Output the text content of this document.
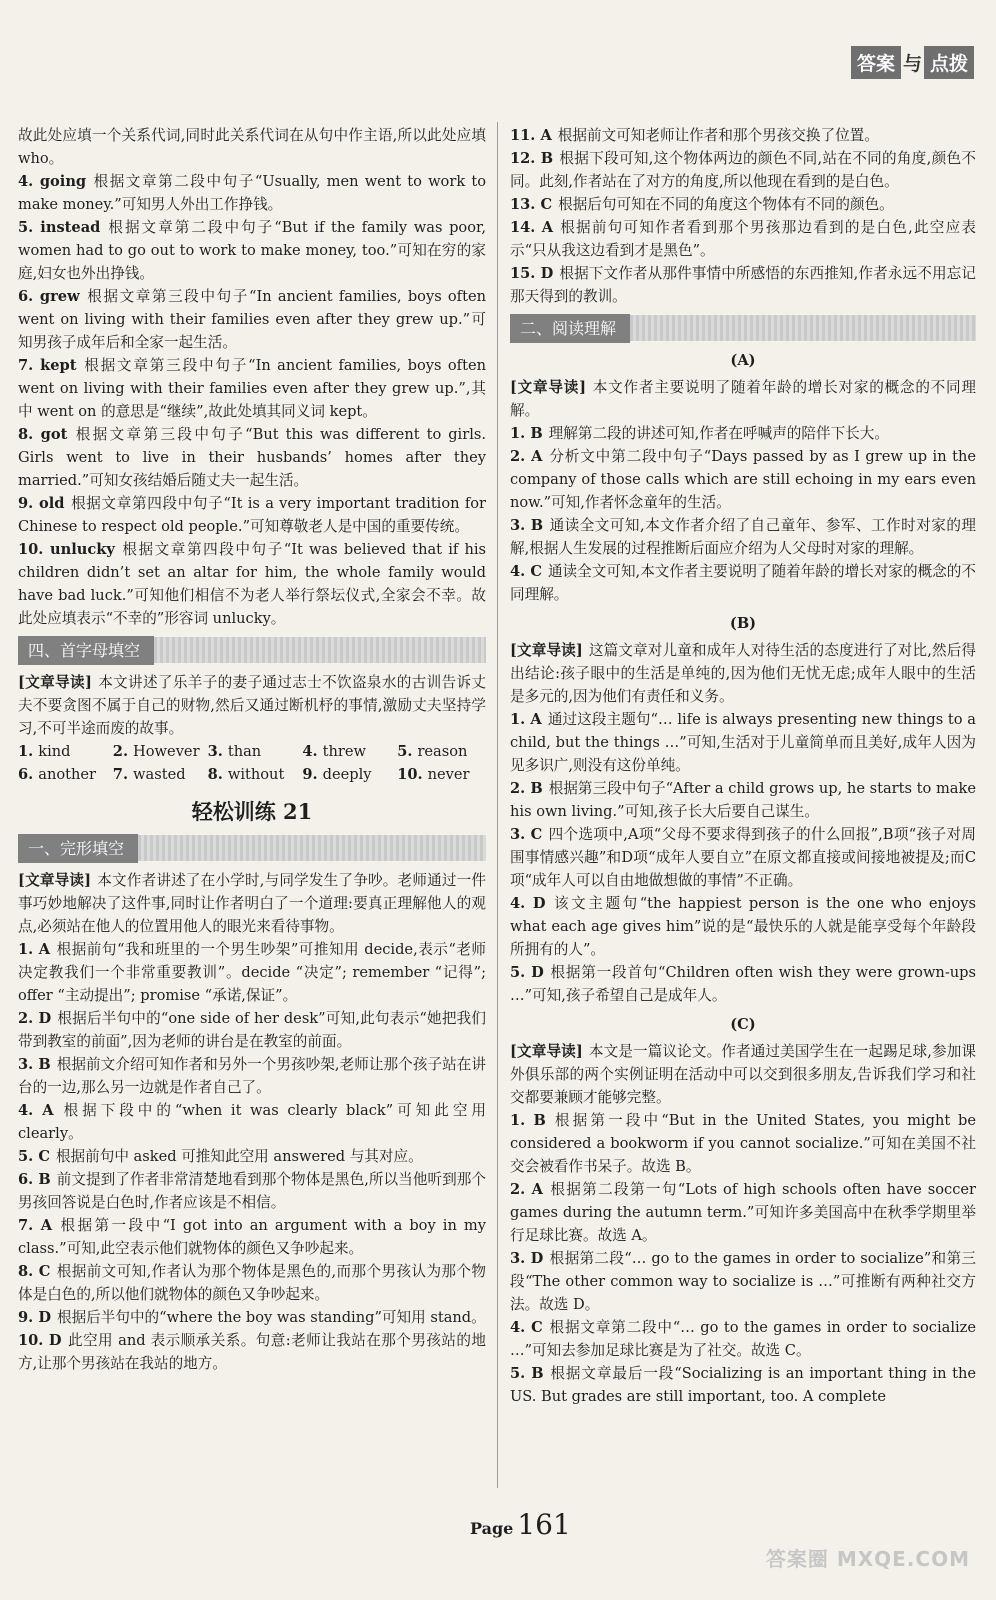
答案 与 点拨

故此处应填一个关系代词,同时此关系代词在从句中作主语,所以此处应填 who。

4. going 根据文章第二段中句子“Usually, men went to work to make money.”可知男人外出工作挣钱。

5. instead 根据文章第二段中句子“But if the family was poor, women had to go out to work to make money, too.”可知在穷的家庭,妇女也外出挣钱。

6. grew 根据文章第三段中句子“In ancient families, boys often went on living with their families even after they grew up.”可知男孩子成年后和全家一起生活。

7. kept 根据文章第三段中句子“In ancient families, boys often went on living with their families even after they grew up.”,其中 went on 的意思是“继续”,故此处填其同义词 kept。

8. got 根据文章第三段中句子“But this was different to girls. Girls went to live in their husbands’ homes after they married.”可知女孩结婚后随丈夫一起生活。

9. old 根据文章第四段中句子“It is a very important tradition for Chinese to respect old people.”可知尊敬老人是中国的重要传统。

10. unlucky 根据文章第四段中句子“It was believed that if his children didn’t set an altar for him, the whole family would have bad luck.”可知他们相信不为老人举行祭坛仪式,全家会不幸。故此处应填表示“不幸的”形容词 unlucky。

四、首字母填空

[文章导读] 本文讲述了乐羊子的妻子通过志士不饮盗泉水的古训告诉丈夫不要贪图不属于自己的财物,然后又通过断机杼的事情,激励丈夫坚持学习,不可半途而废的故事。

1. kind	2. However 3. than	4. threw	5. reason
6. another	7. wasted	8. without	9. deeply	10. never
轻松训练 21
一、完形填空

[文章导读] 本文作者讲述了在小学时,与同学发生了争吵。老师通过一件事巧妙地解决了这件事,同时让作者明白了一个道理:要真正理解他人的观点,必须站在他人的位置用他人的眼光来看待事物。

1. A 根据前句“我和班里的一个男生吵架”可推知用 decide,表示“老师决定教我们一个非常重要教训”。decide “决定”; remember “记得”; offer “主动提出”; promise “承诺,保证”。

2. D 根据后半句中的“one side of her desk”可知,此句表示“她把我们带到教室的前面”,因为老师的讲台是在教室的前面。

3. B 根据前文介绍可知作者和另外一个男孩吵架,老师让那个孩子站在讲台的一边,那么另一边就是作者自己了。

4. A 根据下段中的“when it was clearly black”可知此空用 clearly。

5. C 根据前句中 asked 可推知此空用 answered 与其对应。

6. B 前文提到了作者非常清楚地看到那个物体是黑色,所以当他听到那个男孩回答说是白色时,作者应该是不相信。

7. A 根据第一段中“I got into an argument with a boy in my class.”可知,此空表示他们就物体的颜色又争吵起来。

8. C 根据前文可知,作者认为那个物体是黑色的,而那个男孩认为那个物体是白色的,所以他们就物体的颜色又争吵起来。

9. D 根据后半句中的“where the boy was standing”可知用 stand。

10. D 此空用 and 表示顺承关系。句意:老师让我站在那个男孩站的地方,让那个男孩站在我站的地方。

11. A 根据前文可知老师让作者和那个男孩交换了位置。

12. B 根据下段可知,这个物体两边的颜色不同,站在不同的角度,颜色不同。此刻,作者站在了对方的角度,所以他现在看到的是白色。

13. C 根据后句可知在不同的角度这个物体有不同的颜色。

14. A 根据前句可知作者看到那个男孩那边看到的是白色,此空应表示“只从我这边看到才是黑色”。

15. D 根据下文作者从那件事情中所感悟的东西推知,作者永远不用忘记那天得到的教训。

二、阅读理解
(A)

[文章导读] 本文作者主要说明了随着年龄的增长对家的概念的不同理解。

1. B 理解第二段的讲述可知,作者在呼喊声的陪伴下长大。

2. A 分析文中第二段中句子“Days passed by as I grew up in the company of those calls which are still echoing in my ears even now.”可知,作者怀念童年的生活。

3. B 通读全文可知,本文作者介绍了自己童年、参军、工作时对家的理解,根据人生发展的过程推断后面应介绍为人父母时对家的理解。

4. C 通读全文可知,本文作者主要说明了随着年龄的增长对家的概念的不同理解。

(B)

[文章导读] 这篇文章对儿童和成年人对待生活的态度进行了对比,然后得出结论:孩子眼中的生活是单纯的,因为他们无忧无虑;成年人眼中的生活是多元的,因为他们有责任和义务。

1. A 通过这段主题句“… life is always presenting new things to a child, but the things …”可知,生活对于儿童简单而且美好,成年人因为见多识广,则没有这份单纯。

2. B 根据第三段中句子“After a child grows up, he starts to make his own living.”可知,孩子长大后要自己谋生。

3. C 四个选项中,A项“父母不要求得到孩子的什么回报”,B项“孩子对周围事情感兴趣”和D项“成年人要自立”在原文都直接或间接地被提及;而C项“成年人可以自由地做想做的事情”不正确。

4. D 该文主题句“the happiest person is the one who enjoys what each age gives him”说的是“最快乐的人就是能享受每个年龄段所拥有的人”。

5. D 根据第一段首句“Children often wish they were grown-ups …”可知,孩子希望自己是成年人。

(C)

[文章导读] 本文是一篇议论文。作者通过美国学生在一起踢足球,参加课外俱乐部的两个实例证明在活动中可以交到很多朋友,告诉我们学习和社交都要兼顾才能够完整。

1. B 根据第一段中“But in the United States, you might be considered a bookworm if you cannot socialize.”可知在美国不社交会被看作书呆子。故选 B。

2. A 根据第二段第一句“Lots of high schools often have soccer games during the autumn term.”可知许多美国高中在秋季学期里举行足球比赛。故选 A。

3. D 根据第二段“… go to the games in order to socialize”和第三段“The other common way to socialize is …”可推断有两种社交方法。故选 D。

4. C 根据文章第二段中“… go to the games in order to socialize …”可知去参加足球比赛是为了社交。故选 C。

5. B 根据文章最后一段“Socializing is an important thing in the US. But grades are still important, too. A complete

Page 161
答案圈 MXQE.COM
